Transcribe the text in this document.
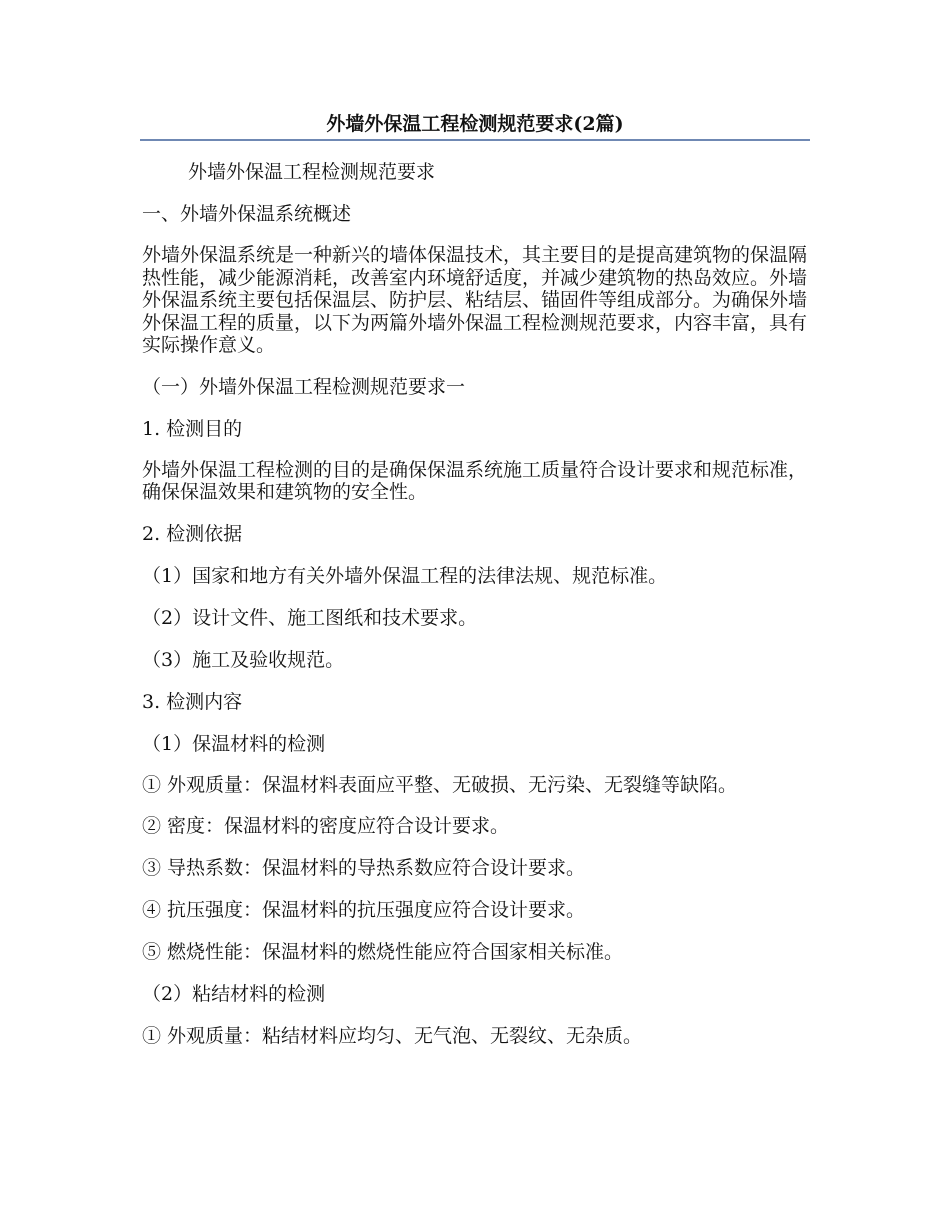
外墙外保温工程检测规范要求(2篇)

外墙外保温工程检测规范要求

一、外墙外保温系统概述

外墙外保温系统是一种新兴的墙体保温技术，其主要目的是提高建筑物的保温隔热性能，减少能源消耗，改善室内环境舒适度，并减少建筑物的热岛效应。外墙外保温系统主要包括保温层、防护层、粘结层、锚固件等组成部分。为确保外墙外保温工程的质量，以下为两篇外墙外保温工程检测规范要求，内容丰富，具有实际操作意义。

（一）外墙外保温工程检测规范要求一

1. 检测目的

外墙外保温工程检测的目的是确保保温系统施工质量符合设计要求和规范标准，确保保温效果和建筑物的安全性。

2. 检测依据

（1）国家和地方有关外墙外保温工程的法律法规、规范标准。

（2）设计文件、施工图纸和技术要求。

（3）施工及验收规范。

3. 检测内容

（1）保温材料的检测

① 外观质量：保温材料表面应平整、无破损、无污染、无裂缝等缺陷。

② 密度：保温材料的密度应符合设计要求。

③ 导热系数：保温材料的导热系数应符合设计要求。

④ 抗压强度：保温材料的抗压强度应符合设计要求。

⑤ 燃烧性能：保温材料的燃烧性能应符合国家相关标准。

（2）粘结材料的检测

① 外观质量：粘结材料应均匀、无气泡、无裂纹、无杂质。
